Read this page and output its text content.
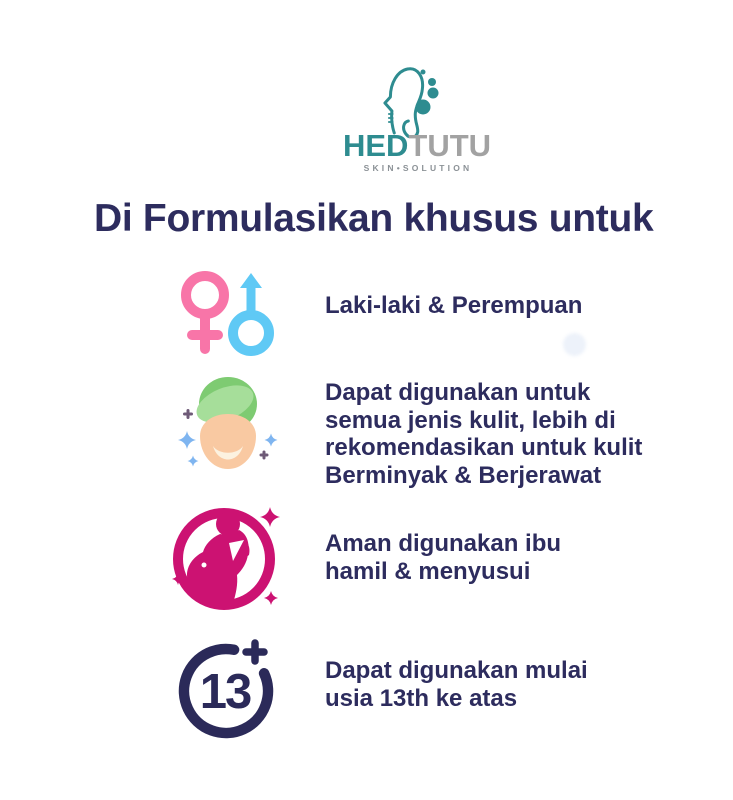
HEDTUTU
SKIN•SOLUTION
Di Formulasikan khusus untuk
Laki-laki & Perempuan
Dapat digunakan untuk
semua jenis kulit, lebih di
rekomendasikan untuk kulit
Berminyak & Berjerawat
Aman digunakan ibu
hamil & menyusui
13	Dapat digunakan mulai
usia 13th ke atas
